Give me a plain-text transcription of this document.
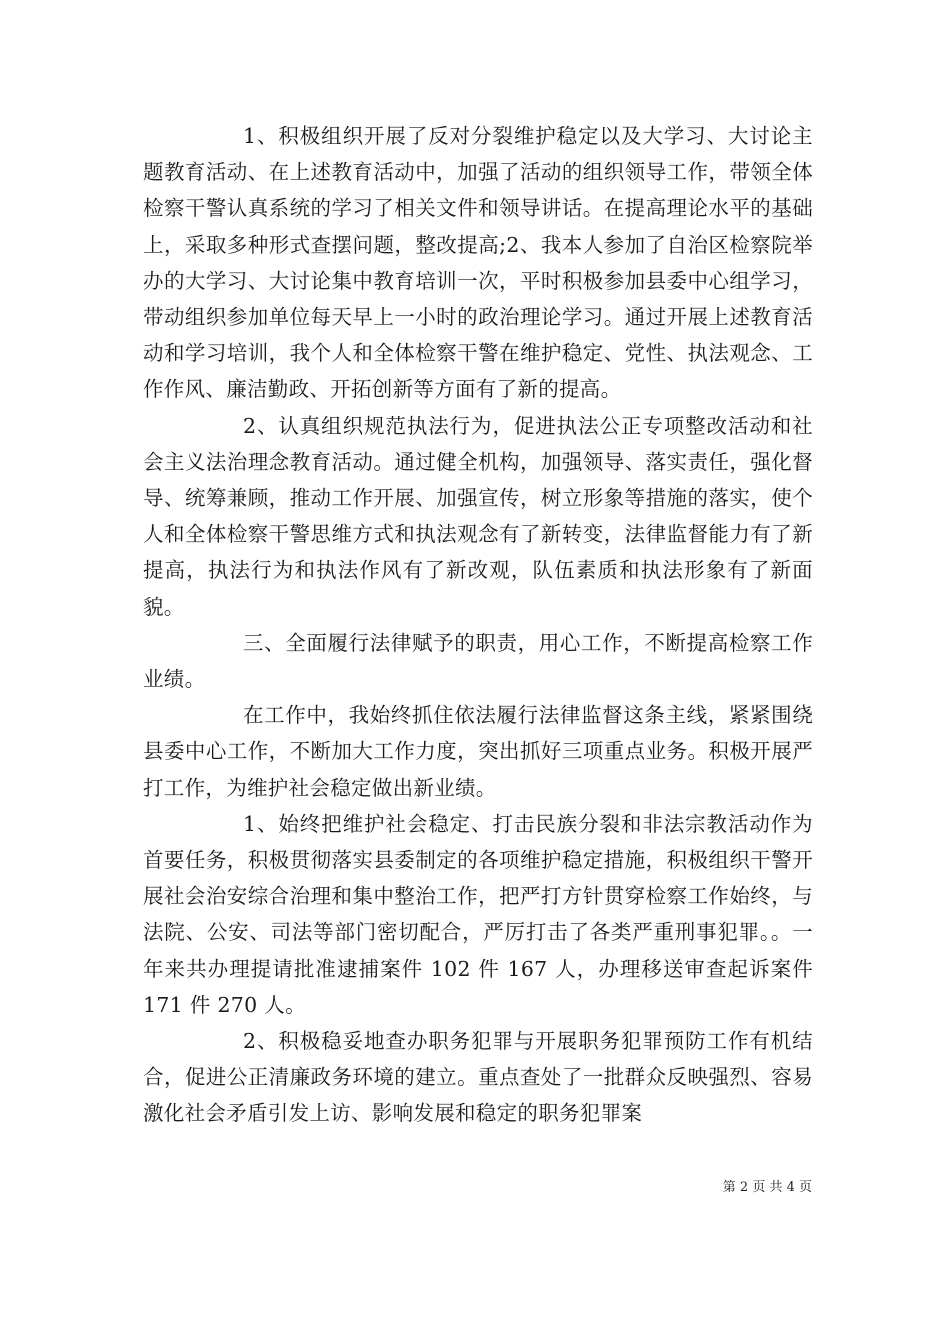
1、积极组织开展了反对分裂维护稳定以及大学习、大讨论主题教育活动、在上述教育活动中，加强了活动的组织领导工作，带领全体检察干警认真系统的学习了相关文件和领导讲话。在提高理论水平的基础上，采取多种形式查摆问题，整改提高;2、我本人参加了自治区检察院举办的大学习、大讨论集中教育培训一次，平时积极参加县委中心组学习，带动组织参加单位每天早上一小时的政治理论学习。通过开展上述教育活动和学习培训，我个人和全体检察干警在维护稳定、党性、执法观念、工作作风、廉洁勤政、开拓创新等方面有了新的提高。

2、认真组织规范执法行为，促进执法公正专项整改活动和社会主义法治理念教育活动。通过健全机构，加强领导、落实责任，强化督导、统筹兼顾，推动工作开展、加强宣传，树立形象等措施的落实，使个人和全体检察干警思维方式和执法观念有了新转变，法律监督能力有了新提高，执法行为和执法作风有了新改观，队伍素质和执法形象有了新面貌。

三、全面履行法律赋予的职责，用心工作，不断提高检察工作业绩。

在工作中，我始终抓住依法履行法律监督这条主线，紧紧围绕县委中心工作，不断加大工作力度，突出抓好三项重点业务。积极开展严打工作，为维护社会稳定做出新业绩。

1、始终把维护社会稳定、打击民族分裂和非法宗教活动作为首要任务，积极贯彻落实县委制定的各项维护稳定措施，积极组织干警开展社会治安综合治理和集中整治工作，把严打方针贯穿检察工作始终，与法院、公安、司法等部门密切配合，严厉打击了各类严重刑事犯罪。。一年来共办理提请批准逮捕案件 102 件 167 人，办理移送审查起诉案件 171 件 270 人。

2、积极稳妥地查办职务犯罪与开展职务犯罪预防工作有机结合，促进公正清廉政务环境的建立。重点查处了一批群众反映强烈、容易激化社会矛盾引发上访、影响发展和稳定的职务犯罪案

第 2 页 共 4 页
